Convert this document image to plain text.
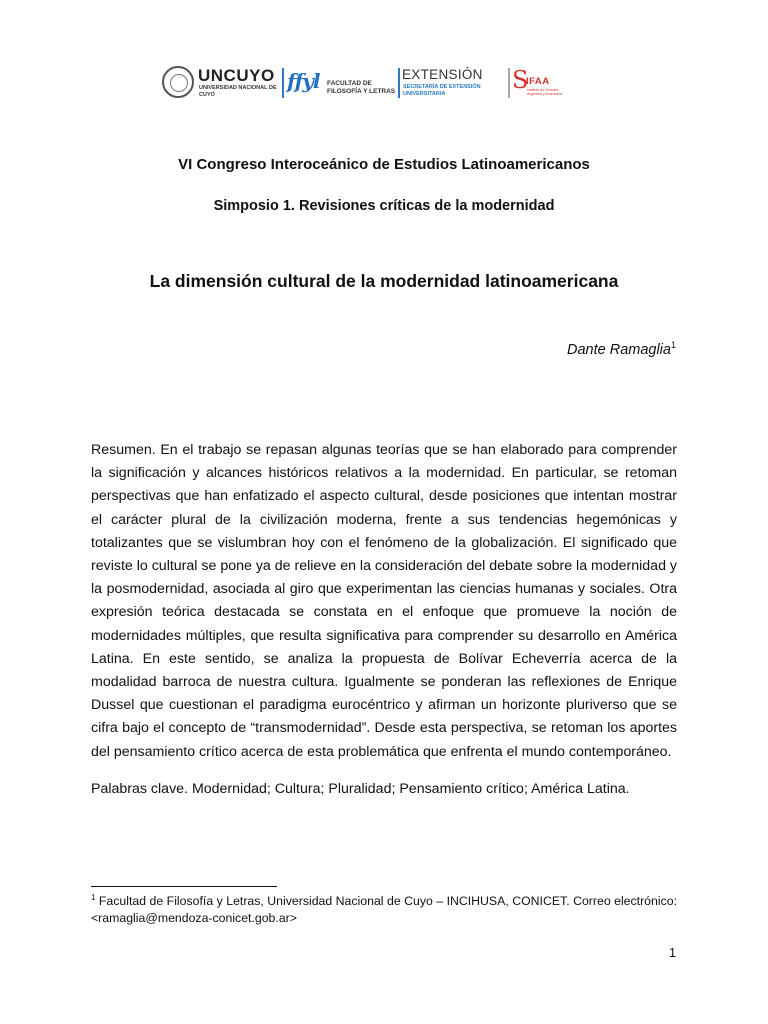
UNCUYO
UNIVERSIDAD NACIONAL DE CUYO
ffyl FACULTAD DE FILOSOFÍA Y LETRAS
EXTENSIÓN
SECRETARÍA DE EXTENSIÓN UNIVERSITARIA	S
IFAA
Instituto de Filosofía Argentina y Americana
VI Congreso Interoceánico de Estudios Latinoamericanos
Simposio 1. Revisiones críticas de la modernidad
La dimensión cultural de la modernidad latinoamericana
Dante Ramaglia$^1$

Resumen. En el trabajo se repasan algunas teorías que se han elaborado para comprender la significación y alcances históricos relativos a la modernidad. En particular, se retoman perspectivas que han enfatizado el aspecto cultural, desde posiciones que intentan mostrar el carácter plural de la civilización moderna, frente a sus tendencias hegemónicas y totalizantes que se vislumbran hoy con el fenómeno de la globalización. El significado que reviste lo cultural se pone ya de relieve en la consideración del debate sobre la modernidad y la posmodernidad, asociada al giro que experimentan las ciencias humanas y sociales. Otra expresión teórica destacada se constata en el enfoque que promueve la noción de modernidades múltiples, que resulta significativa para comprender su desarrollo en América Latina. En este sentido, se analiza la propuesta de Bolívar Echeverría acerca de la modalidad barroca de nuestra cultura. Igualmente se ponderan las reflexiones de Enrique Dussel que cuestionan el paradigma eurocéntrico y afirman un horizonte pluriverso que se cifra bajo el concepto de “transmodernidad”. Desde esta perspectiva, se retoman los aportes del pensamiento crítico acerca de esta problemática que enfrenta el mundo contemporáneo.

Palabras clave. Modernidad; Cultura; Pluralidad; Pensamiento crítico; América Latina.

$^1$ Facultad de Filosofía y Letras, Universidad Nacional de Cuyo – INCIHUSA, CONICET. Correo electrónico: <ramaglia@mendoza-conicet.gob.ar>

1
